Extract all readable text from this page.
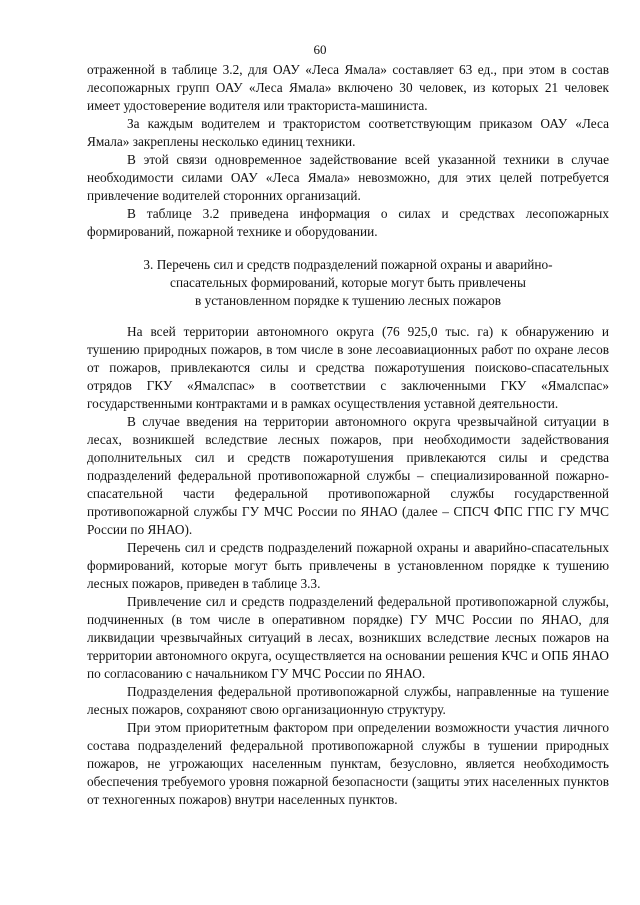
60

отраженной в таблице 3.2, для ОАУ «Леса Ямала» составляет 63 ед., при этом в состав лесопожарных групп ОАУ «Леса Ямала» включено 30 человек, из которых 21 человек имеет удостоверение водителя или тракториста-машиниста.

За каждым водителем и трактористом соответствующим приказом ОАУ «Леса Ямала» закреплены несколько единиц техники.

В этой связи одновременное задействование всей указанной техники в случае необходимости силами ОАУ «Леса Ямала» невозможно, для этих целей потребуется привлечение водителей сторонних организаций.

В таблице 3.2 приведена информация о силах и средствах лесопожарных формирований, пожарной технике и оборудовании.

3. Перечень сил и средств подразделений пожарной охраны и аварийно-
спасательных формирований, которые могут быть привлечены
в установленном порядке к тушению лесных пожаров

На всей территории автономного округа (76 925,0 тыс. га) к обнаружению и тушению природных пожаров, в том числе в зоне лесоавиационных работ по охране лесов от пожаров, привлекаются силы и средства пожаротушения поисково-спасательных отрядов ГКУ «Ямалспас» в соответствии с заключенными ГКУ «Ямалспас» государственными контрактами и в рамках осуществления уставной деятельности.

В случае введения на территории автономного округа чрезвычайной ситуации в лесах, возникшей вследствие лесных пожаров, при необходимости задействования дополнительных сил и средств пожаротушения привлекаются силы и средства подразделений федеральной противопожарной службы – специализированной пожарно-спасательной части федеральной противопожарной службы государственной противопожарной службы ГУ МЧС России по ЯНАО (далее – СПСЧ ФПС ГПС ГУ МЧС России по ЯНАО).

Перечень сил и средств подразделений пожарной охраны и аварийно-спасательных формирований, которые могут быть привлечены в установленном порядке к тушению лесных пожаров, приведен в таблице 3.3.

Привлечение сил и средств подразделений федеральной противопожарной службы, подчиненных (в том числе в оперативном порядке) ГУ МЧС России по ЯНАО, для ликвидации чрезвычайных ситуаций в лесах, возникших вследствие лесных пожаров на территории автономного округа, осуществляется на основании решения КЧС и ОПБ ЯНАО по согласованию с начальником ГУ МЧС России по ЯНАО.

Подразделения федеральной противопожарной службы, направленные на тушение лесных пожаров, сохраняют свою организационную структуру.

При этом приоритетным фактором при определении возможности участия личного состава подразделений федеральной противопожарной службы в тушении природных пожаров, не угрожающих населенным пунктам, безусловно, является необходимость обеспечения требуемого уровня пожарной безопасности (защиты этих населенных пунктов от техногенных пожаров) внутри населенных пунктов.
